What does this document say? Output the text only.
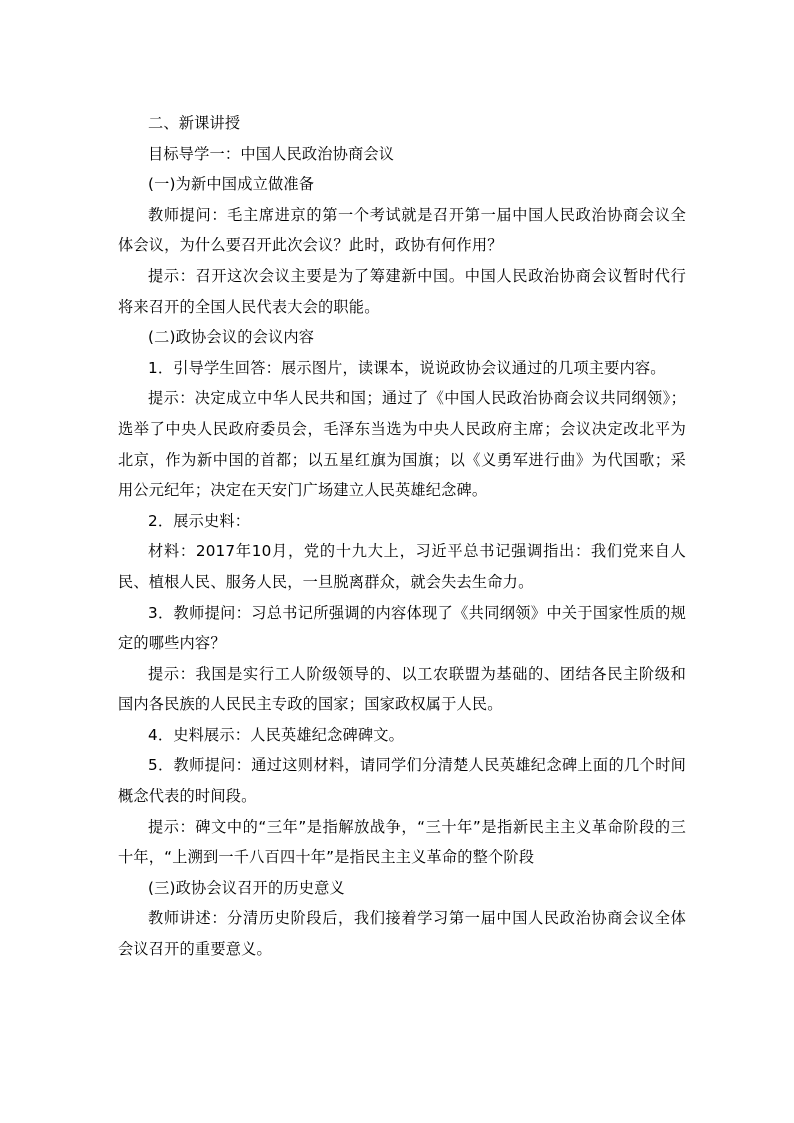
二、新课讲授

目标导学一：中国人民政治协商会议

(一)为新中国成立做准备

教师提问：毛主席进京的第一个考试就是召开第一届中国人民政治协商会议全体会议，为什么要召开此次会议？此时，政协有何作用？

提示：召开这次会议主要是为了筹建新中国。中国人民政治协商会议暂时代行将来召开的全国人民代表大会的职能。

(二)政协会议的会议内容

1．引导学生回答：展示图片，读课本，说说政协会议通过的几项主要内容。

提示：决定成立中华人民共和国；通过了《中国人民政治协商会议共同纲领》；选举了中央人民政府委员会，毛泽东当选为中央人民政府主席；会议决定改北平为北京，作为新中国的首都；以五星红旗为国旗；以《义勇军进行曲》为代国歌；采用公元纪年；决定在天安门广场建立人民英雄纪念碑。

2．展示史料：

材料：2017年10月，党的十九大上，习近平总书记强调指出：我们党来自人民、植根人民、服务人民，一旦脱离群众，就会失去生命力。

3．教师提问：习总书记所强调的内容体现了《共同纲领》中关于国家性质的规定的哪些内容？

提示：我国是实行工人阶级领导的、以工农联盟为基础的、团结各民主阶级和国内各民族的人民民主专政的国家；国家政权属于人民。

4．史料展示：人民英雄纪念碑碑文。

5．教师提问：通过这则材料，请同学们分清楚人民英雄纪念碑上面的几个时间概念代表的时间段。

提示：碑文中的“三年”是指解放战争，“三十年”是指新民主主义革命阶段的三十年，“上溯到一千八百四十年”是指民主主义革命的整个阶段

(三)政协会议召开的历史意义

教师讲述：分清历史阶段后，我们接着学习第一届中国人民政治协商会议全体会议召开的重要意义。
